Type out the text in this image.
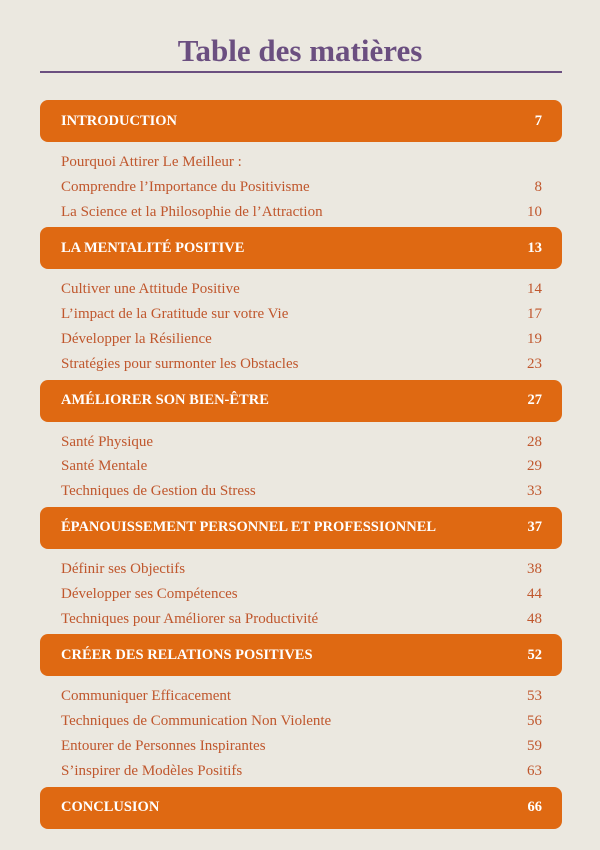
Table des matières
INTRODUCTION	7
Pourquoi Attirer Le Meilleur :
Comprendre l’Importance du Positivisme	8
La Science et la Philosophie de l’Attraction	10
LA MENTALITÉ POSITIVE	13
Cultiver une Attitude Positive	14
L’impact de la Gratitude sur votre Vie	17
Développer la Résilience	19
Stratégies pour surmonter les Obstacles	23
AMÉLIORER SON BIEN-ÊTRE	27
Santé Physique	28
Santé Mentale	29
Techniques de Gestion du Stress	33
ÉPANOUISSEMENT PERSONNEL ET PROFESSIONNEL	37
Définir ses Objectifs	38
Développer ses Compétences	44
Techniques pour Améliorer sa Productivité	48
CRÉER DES RELATIONS POSITIVES	52
Communiquer Efficacement	53
Techniques de Communication Non Violente	56
Entourer de Personnes Inspirantes	59
S’inspirer de Modèles Positifs	63
CONCLUSION	66
